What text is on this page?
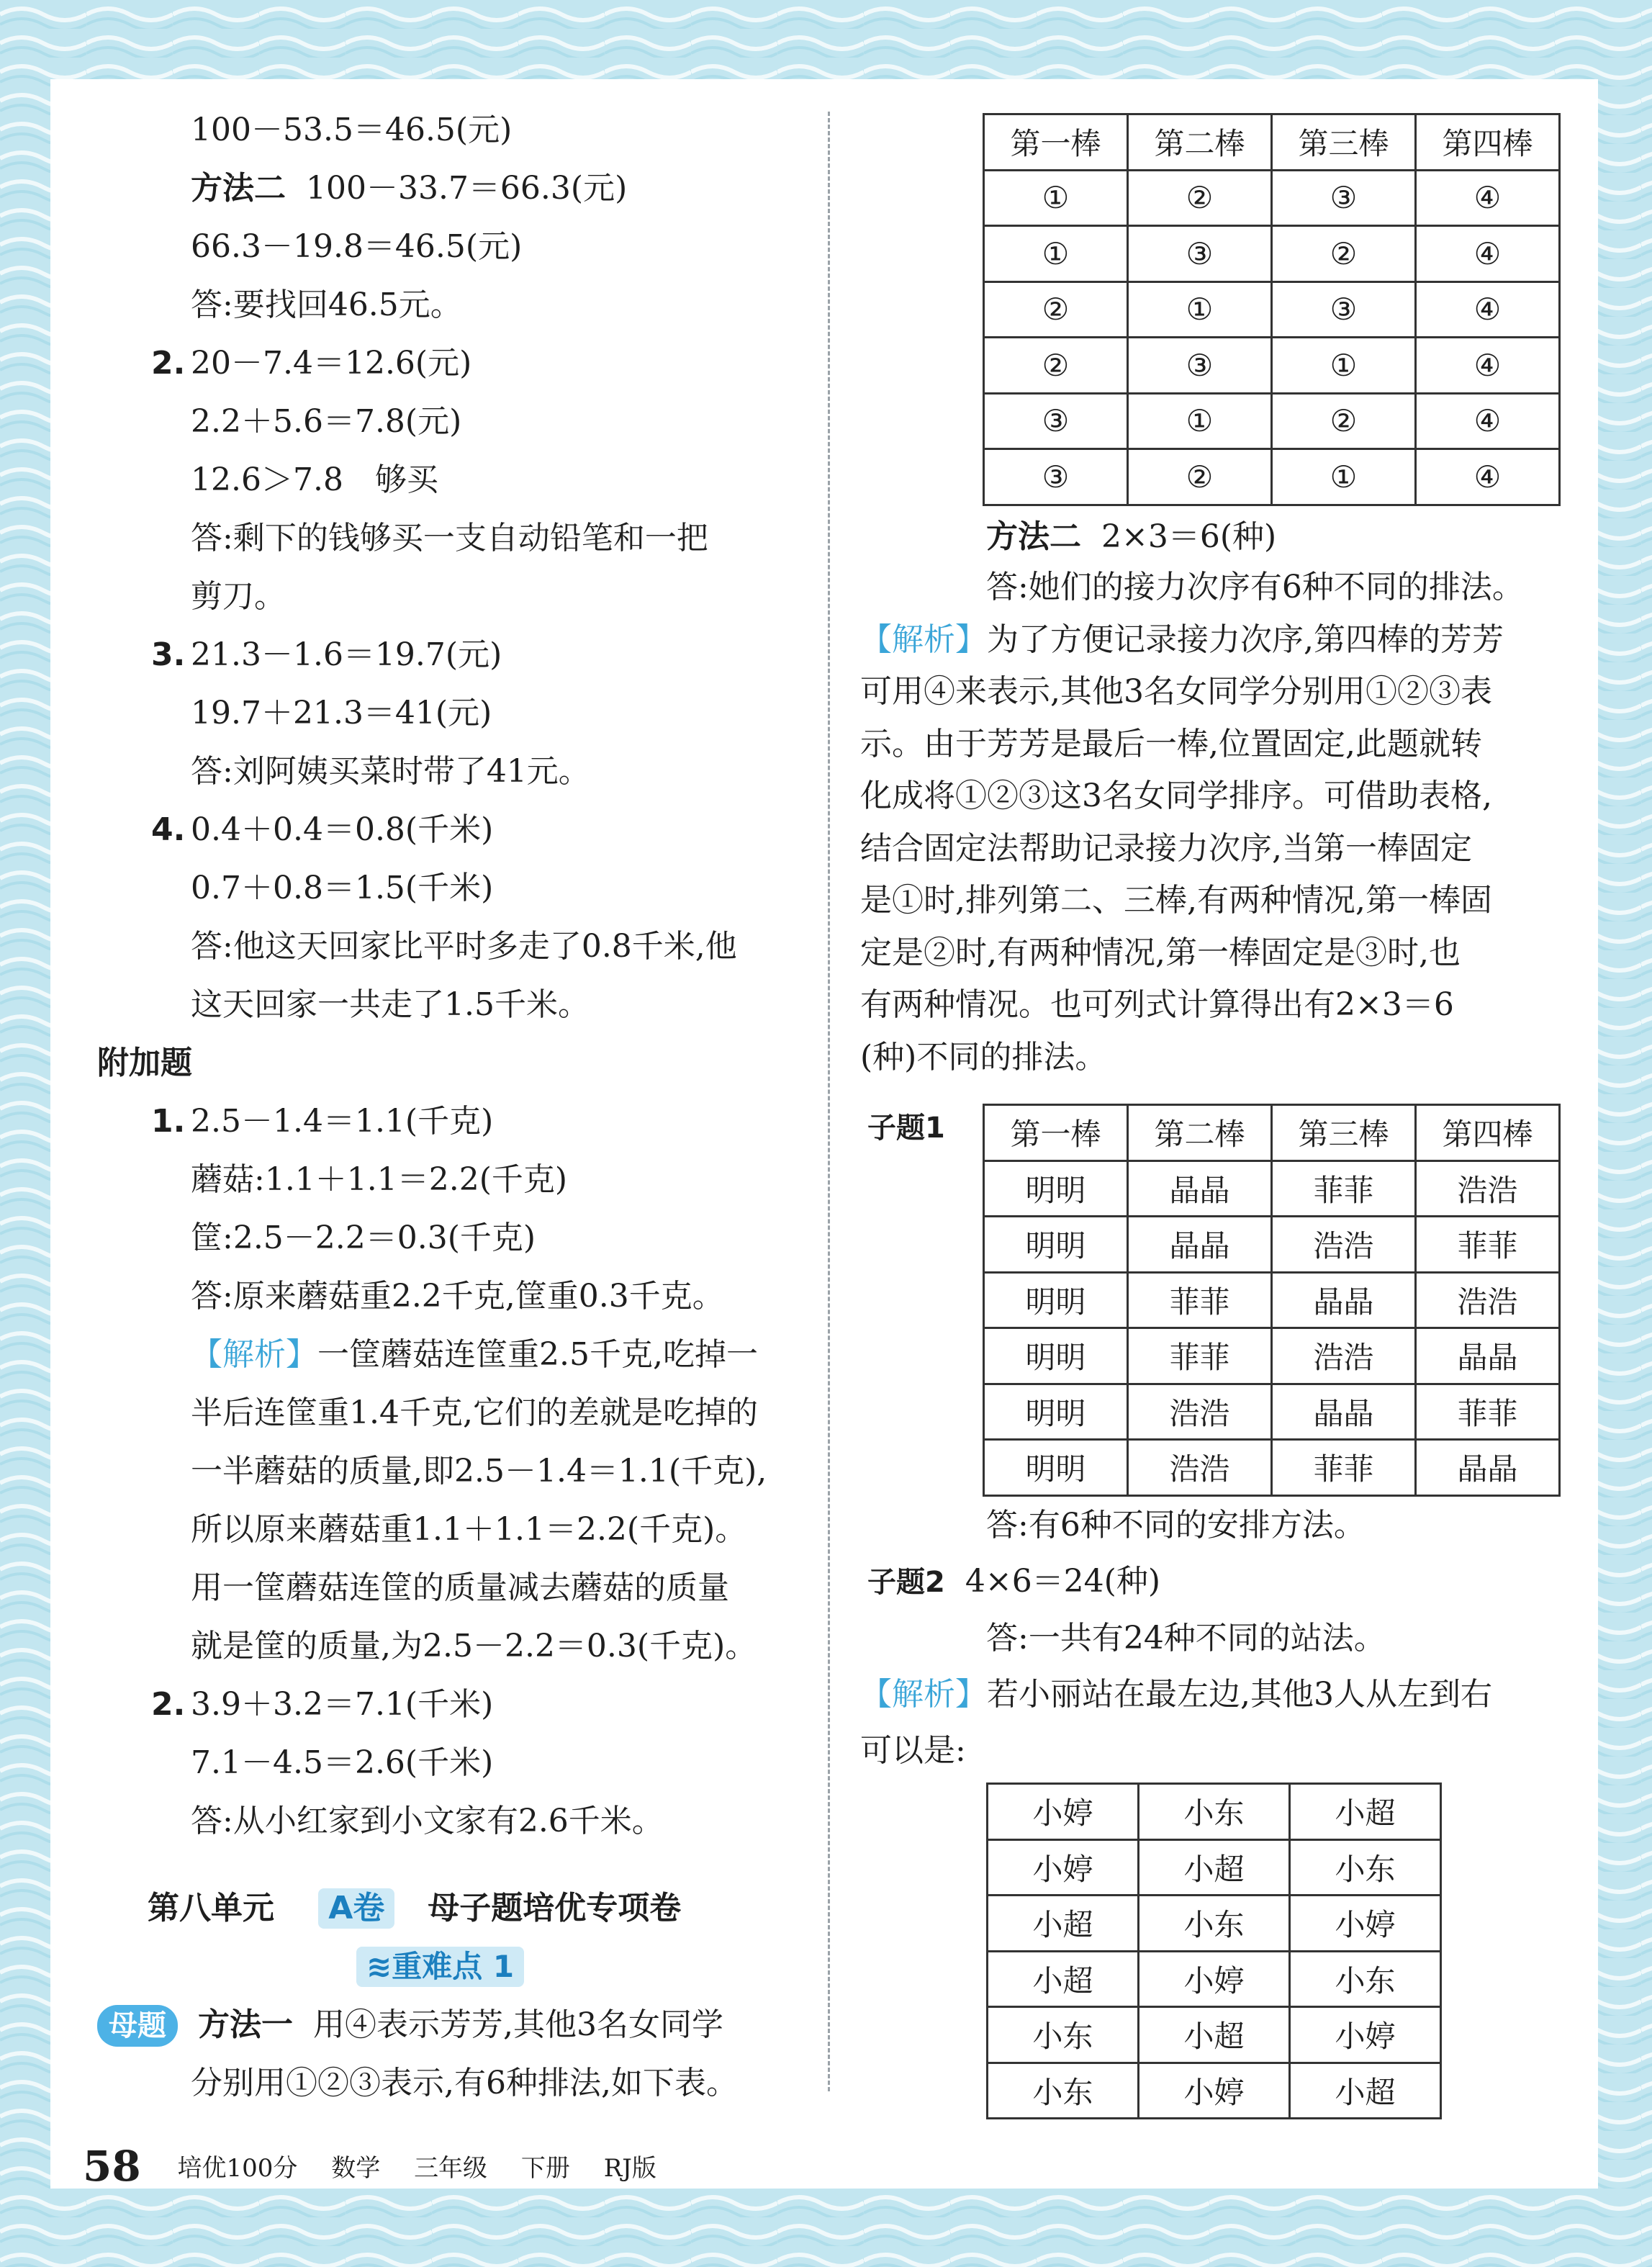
100－53.5＝46.5(元)
方法二 100－33.7＝66.3(元)
66.3－19.8＝46.5(元)
答:要找回46.5元。
2. 20－7.4＝12.6(元)
2.2＋5.6＝7.8(元)
12.6＞7.8　够买
答:剩下的钱够买一支自动铅笔和一把
剪刀。
3. 21.3－1.6＝19.7(元)
19.7＋21.3＝41(元)
答:刘阿姨买菜时带了41元。
4. 0.4＋0.4＝0.8(千米)
0.7＋0.8＝1.5(千米)
答:他这天回家比平时多走了0.8千米,他
这天回家一共走了1.5千米。
附加题
1. 2.5－1.4＝1.1(千克)
蘑菇:1.1＋1.1＝2.2(千克)
筐:2.5－2.2＝0.3(千克)
答:原来蘑菇重2.2千克,筐重0.3千克。
【解析】一筐蘑菇连筐重2.5千克,吃掉一
半后连筐重1.4千克,它们的差就是吃掉的
一半蘑菇的质量,即2.5－1.4＝1.1(千克),
所以原来蘑菇重1.1＋1.1＝2.2(千克)。
用一筐蘑菇连筐的质量减去蘑菇的质量
就是筐的质量,为2.5－2.2＝0.3(千克)。
2. 3.9＋3.2＝7.1(千米)
7.1－4.5＝2.6(千米)
答:从小红家到小文家有2.6千米。
第八单元 A卷 母子题培优专项卷
≋重难点 1
母题 方法一 用④表示芳芳,其他3名女同学
分别用①②③表示,有6种排法,如下表。
第一棒	第二棒	第三棒	第四棒
①	②	③	④
①	③	②	④
②	①	③	④
②	③	①	④
③	①	②	④
③	②	①	④
方法二 2×3＝6(种)
答:她们的接力次序有6种不同的排法。
【解析】为了方便记录接力次序,第四棒的芳芳
可用④来表示,其他3名女同学分别用①②③表
示。由于芳芳是最后一棒,位置固定,此题就转
化成将①②③这3名女同学排序。可借助表格,
结合固定法帮助记录接力次序,当第一棒固定
是①时,排列第二、三棒,有两种情况,第一棒固
定是②时,有两种情况,第一棒固定是③时,也
有两种情况。也可列式计算得出有2×3＝6
(种)不同的排法。
子题1 第一棒	第二棒	第三棒	第四棒
明明	晶晶	菲菲	浩浩
明明	晶晶	浩浩	菲菲
明明	菲菲	晶晶	浩浩
明明	菲菲	浩浩	晶晶
明明	浩浩	晶晶	菲菲
明明	浩浩	菲菲	晶晶
答:有6种不同的安排方法。
子题2 4×6＝24(种)
答:一共有24种不同的站法。
【解析】若小丽站在最左边,其他3人从左到右
可以是:
小婷	小东	小超
小婷	小超	小东
小超	小东	小婷
小超	小婷	小东
小东	小超	小婷
小东	小婷	小超
58 培优100分 数学 三年级 下册 RJ版
